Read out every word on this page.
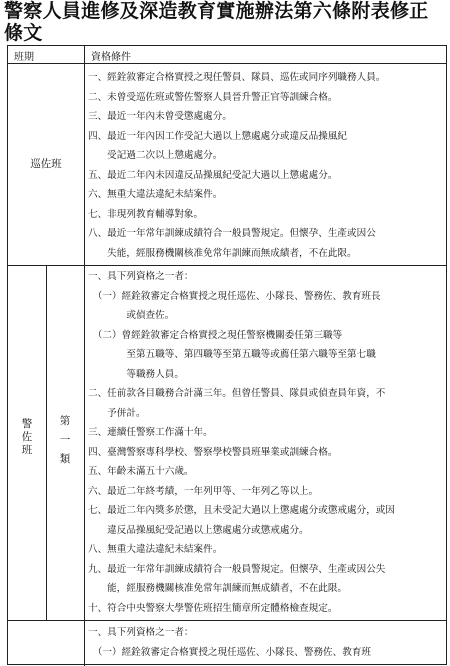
警察人員進修及深造教育實施辦法第六條附表修正
條文
班期	資格條件
巡佐班
一、經銓敘審定合格實授之現任警員、隊員、巡佐或同序列職務人員。
二、未曾受巡佐班或警佐警察人員晉升警正官等訓練合格。
三、最近一年內未曾受懲處處分。
四、最近一年內因工作受記大過以上懲處處分或違反品操風紀
　　受記過二次以上懲處處分。
五、最近二年內未因違反品操風紀受記大過以上懲處處分。
六、無重大違法違紀未結案件。
七、非現列教育輔導對象。
八、最近一年常年訓練成績符合一般員警規定。但懷孕、生產或因公
　　失能，經服務機關核准免常年訓練而無成績者，不在此限。
警
佐
班
第
一
類
一、具下列資格之一者：
　（一）經銓敘審定合格實授之現任巡佐、小隊長、警務佐、教育班長
　　　　或偵查佐。
　（二）曾經銓敘審定合格實授之現任警察機關委任第三職等
　　　　至第五職等、第四職等至第五職等或薦任第六職等至第七職
　　　　等職務人員。
二、任前款各目職務合計滿三年。但曾任警員、隊員或偵查員年資，不
　　予併計。
三、連續任警察工作滿十年。
四、臺灣警察專科學校、警察學校警員班畢業或訓練合格。
五、年齡未滿五十六歲。
六、最近二年終考績，一年列甲等、一年列乙等以上。
七、最近二年內獎多於懲，且未受記大過以上懲處處分或懲戒處分，或因
　　違反品操風紀受記過以上懲處處分或懲戒處分。
八、無重大違法違紀未結案件。
九、最近一年常年訓練成績符合一般員警規定。但懷孕、生產或因公失
　　能，經服務機關核准免常年訓練而無成績者，不在此限。
十、符合中央警察大學警佐班招生簡章所定體格檢查規定。
一、具下列資格之一者：
　（一）經銓敘審定合格實授之現任巡佐、小隊長、警務佐、教育班
